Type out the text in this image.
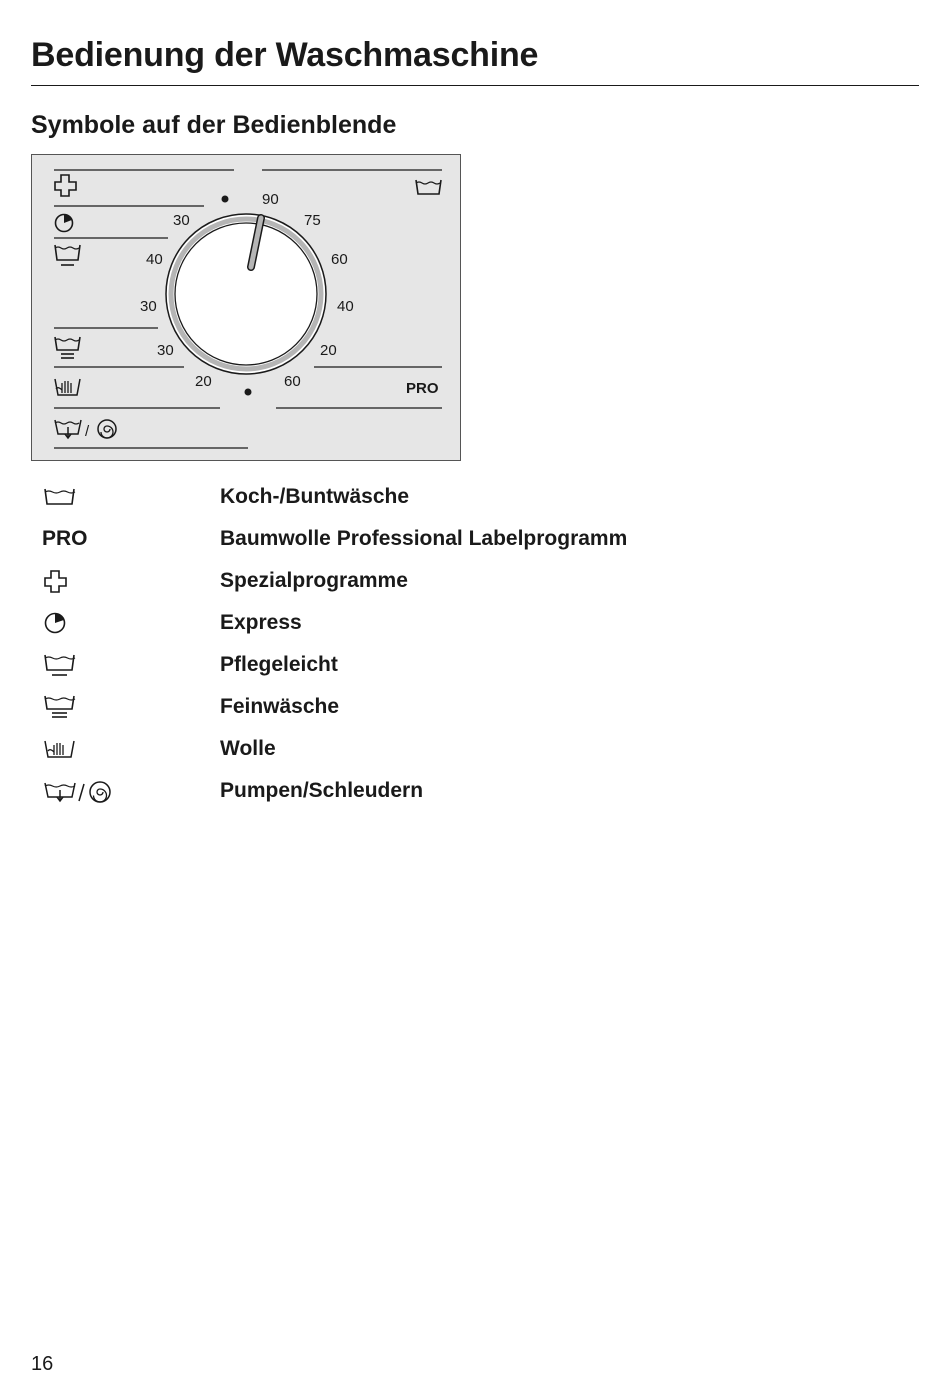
Bedienung der Waschmaschine
Symbole auf der Bedienblende
/
30
40
30
30
20
90
75
60
40
20
60	PRO
Koch-/Buntwäsche
PRO	Baumwolle Professional Labelprogramm
Spezialprogramme
Express
Pflegeleicht
Feinwäsche
Wolle
Pumpen/Schleudern
16
